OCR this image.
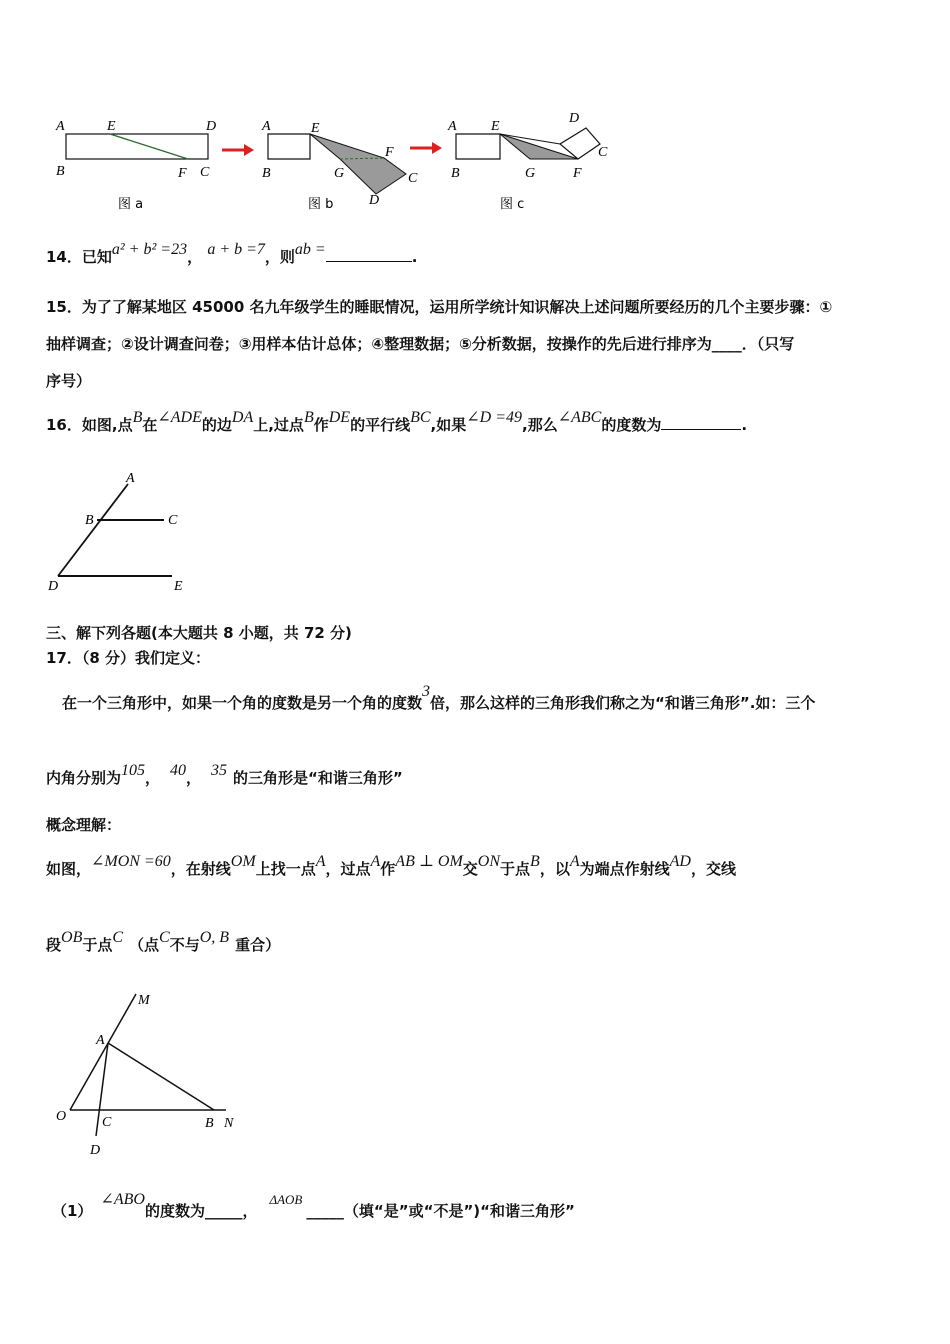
A	E	D
B	F C
图 a
A	E
F
B	G	C
D
图 b
A E
D
C
B	G	F
图 c
14．已知a² + b² =23， a + b =7，则ab =	.
15．为了了解某地区 45000 名九年级学生的睡眠情况，运用所学统计知识解决上述问题所要经历的几个主要步骤：①
抽样调查；②设计调查问卷；③用样本估计总体；④整理数据；⑤分析数据，按操作的先后进行排序为____．（只写
序号）
16．如图,点B在∠ADE的边DA上,过点B作DE的平行线BC,如果∠D =49,那么∠ABC的度数为	.
A
B	C
D	E
三、解下列各题(本大题共 8 小题，共 72 分)
17．（8 分）我们定义：
在一个三角形中，如果一个角的度数是另一个角的度数3倍，那么这样的三角形我们称之为“和谐三角形”.如：三个
内角分别为105， 40， 35 的三角形是“和谐三角形”
概念理解：
如图，∠MON =60，在射线OM上找一点A，过点A作AB ⊥ OM交ON于点B，以A为端点作射线AD，交线
段OB于点C （点C不与O, B 重合）
M
A
O	C	B N
D
（1）∠ABO的度数为_____，ΔAOB_____（填“是”或“不是”)“和谐三角形”
